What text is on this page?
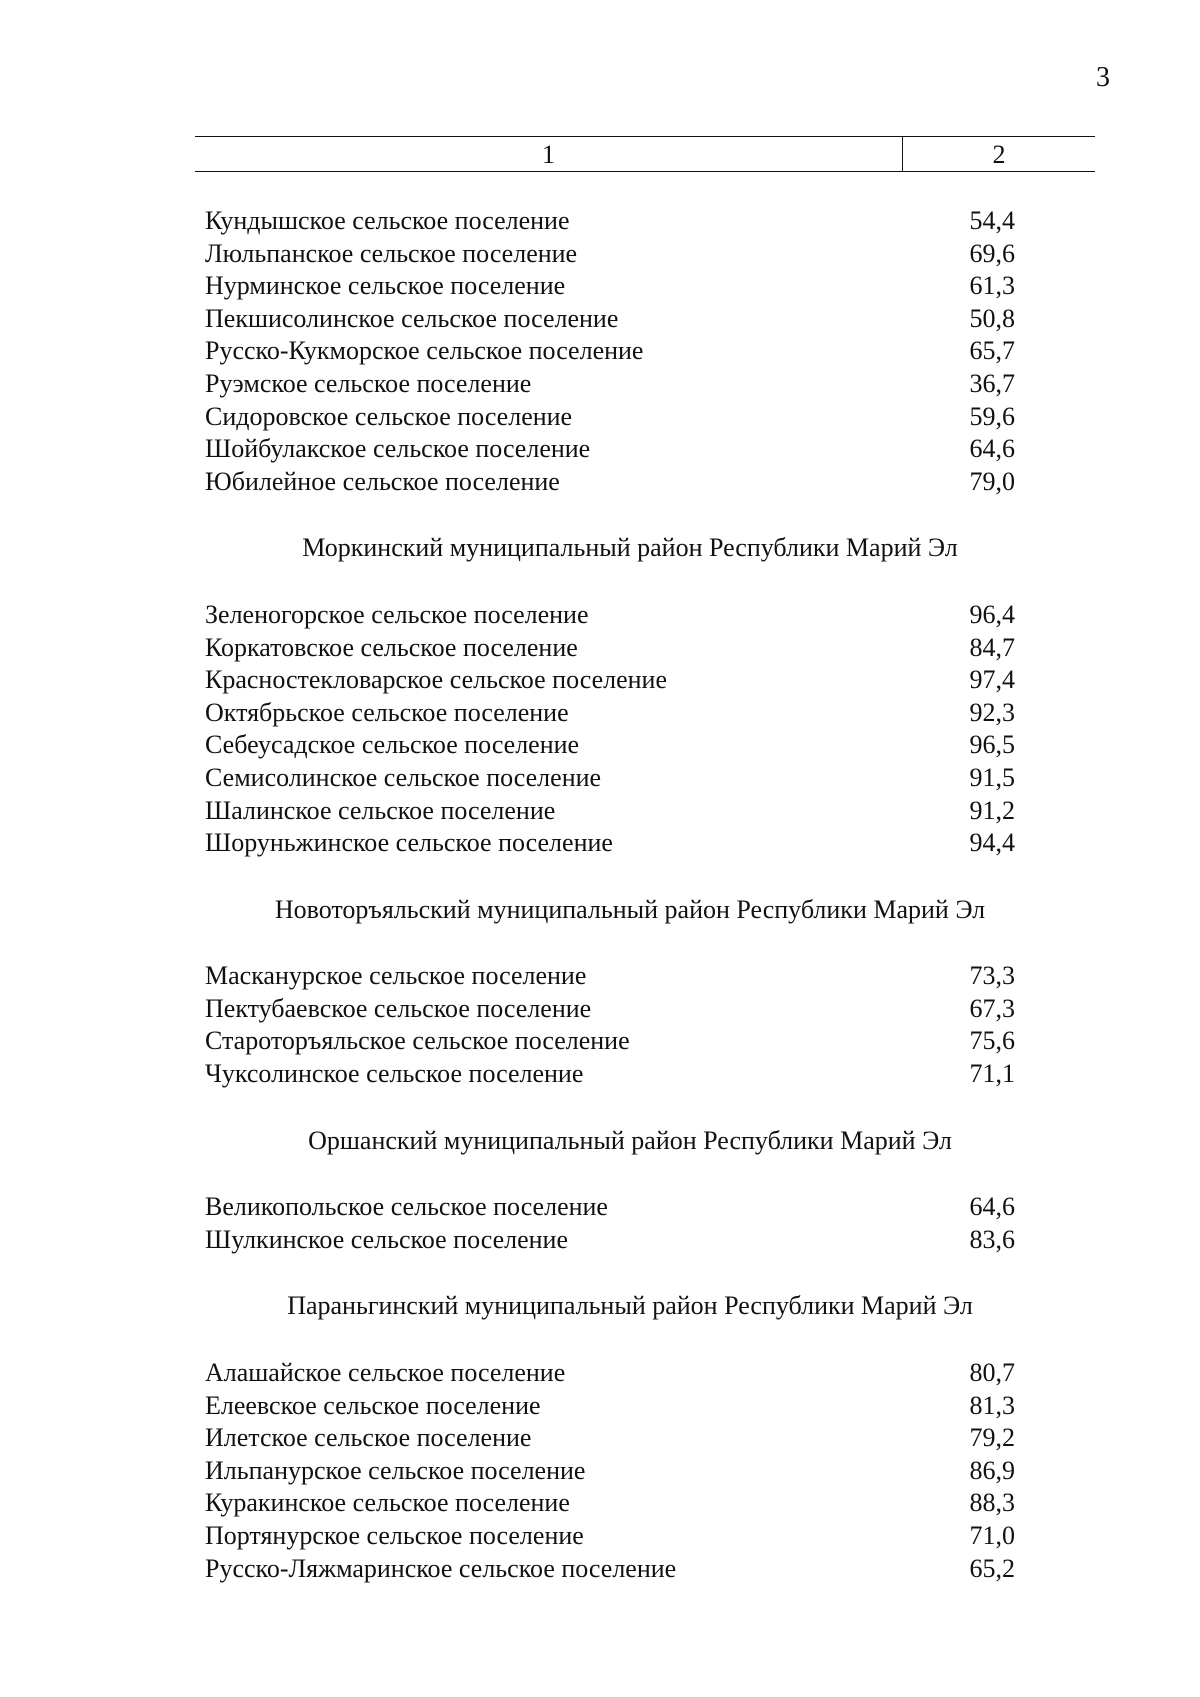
3
1	2
Кундышское сельское поселение	54,4
Люльпанское сельское поселение	69,6
Нурминское сельское поселение	61,3
Пекшисолинское сельское поселение	50,8
Русско-Кукморское сельское поселение	65,7
Руэмское сельское поселение	36,7
Сидоровское сельское поселение	59,6
Шойбулакское сельское поселение	64,6
Юбилейное сельское поселение	79,0
Моркинский муниципальный район Республики Марий Эл
Зеленогорское сельское поселение	96,4
Коркатовское сельское поселение	84,7
Красностекловарское сельское поселение	97,4
Октябрьское сельское поселение	92,3
Себеусадское сельское поселение	96,5
Семисолинское сельское поселение	91,5
Шалинское сельское поселение	91,2
Шоруньжинское сельское поселение	94,4
Новоторъяльский муниципальный район Республики Марий Эл
Масканурское сельское поселение	73,3
Пектубаевское сельское поселение	67,3
Староторъяльское сельское поселение	75,6
Чуксолинское сельское поселение	71,1
Оршанский муниципальный район Республики Марий Эл
Великопольское сельское поселение	64,6
Шулкинское сельское поселение	83,6
Параньгинский муниципальный район Республики Марий Эл
Алашайское сельское поселение	80,7
Елеевское сельское поселение	81,3
Илетское сельское поселение	79,2
Ильпанурское сельское поселение	86,9
Куракинское сельское поселение	88,3
Портянурское сельское поселение	71,0
Русско-Ляжмаринское сельское поселение	65,2
